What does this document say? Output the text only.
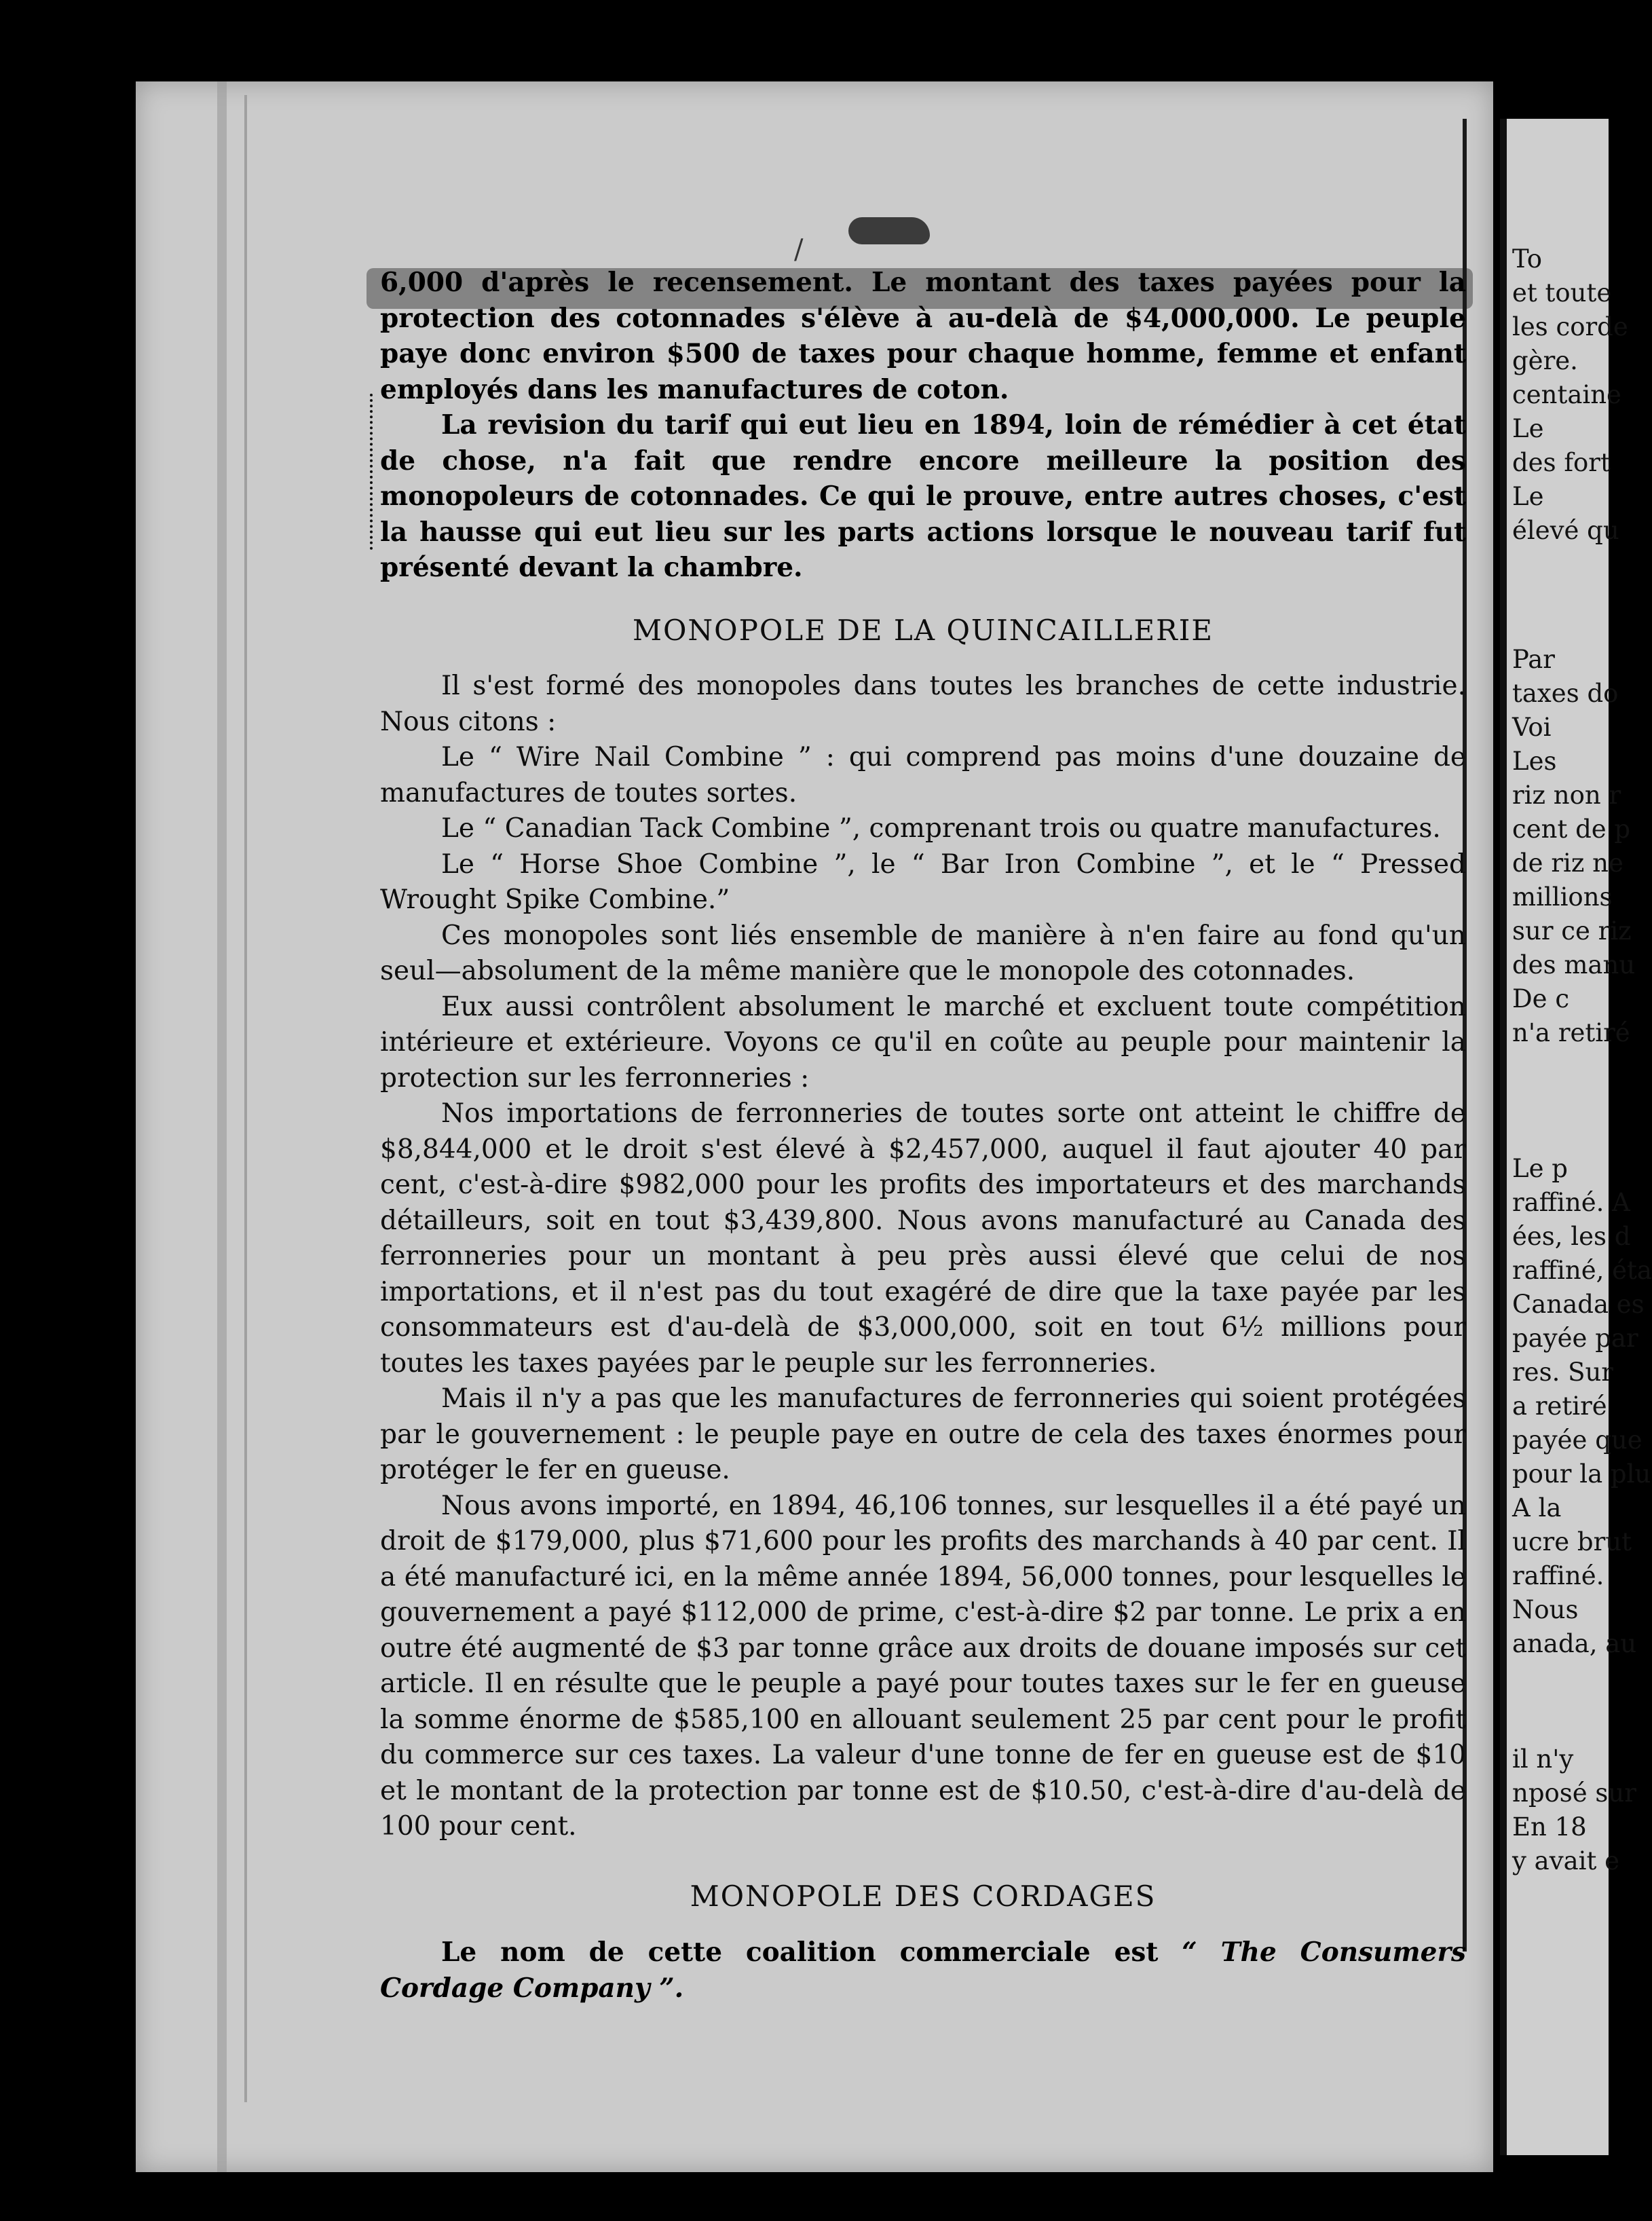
/

6,000 d'après le recensement. Le montant des taxes payées pour la protection des cotonnades s'élève à au-delà de $4,000,000. Le peuple paye donc environ $500 de taxes pour chaque homme, femme et enfant employés dans les manufactures de coton.

La revision du tarif qui eut lieu en 1894, loin de rémédier à cet état de chose, n'a fait que rendre encore meilleure la position des monopoleurs de cotonnades. Ce qui le prouve, entre autres choses, c'est la hausse qui eut lieu sur les parts actions lorsque le nouveau tarif fut présenté devant la chambre.

MONOPOLE DE LA QUINCAILLERIE

Il s'est formé des monopoles dans toutes les branches de cette industrie. Nous citons :

Le “ Wire Nail Combine ” : qui comprend pas moins d'une douzaine de manufactures de toutes sortes.

Le “ Canadian Tack Combine ”, comprenant trois ou quatre manufactures.

Le “ Horse Shoe Combine ”, le “ Bar Iron Combine ”, et le “ Pressed Wrought Spike Combine.”

Ces monopoles sont liés ensemble de manière à n'en faire au fond qu'un seul—absolument de la même manière que le monopole des cotonnades.

Eux aussi contrôlent absolument le marché et excluent toute compétition intérieure et extérieure. Voyons ce qu'il en coûte au peuple pour maintenir la protection sur les ferronneries :

Nos importations de ferronneries de toutes sorte ont atteint le chiffre de $8,844,000 et le droit s'est élevé à $2,457,000, auquel il faut ajouter 40 par cent, c'est-à-dire $982,000 pour les profits des importateurs et des marchands détailleurs, soit en tout $3,439,800. Nous avons manufacturé au Canada des ferronneries pour un montant à peu près aussi élevé que celui de nos importations, et il n'est pas du tout exagéré de dire que la taxe payée par les consommateurs est d'au-delà de $3,000,000, soit en tout 6½ millions pour toutes les taxes payées par le peuple sur les ferronneries.

Mais il n'y a pas que les manufactures de ferronneries qui soient protégées par le gouvernement : le peuple paye en outre de cela des taxes énormes pour protéger le fer en gueuse.

Nous avons importé, en 1894, 46,106 tonnes, sur lesquelles il a été payé un droit de $179,000, plus $71,600 pour les profits des marchands à 40 par cent. Il a été manufacturé ici, en la même année 1894, 56,000 tonnes, pour lesquelles le gouvernement a payé $112,000 de prime, c'est-à-dire $2 par tonne. Le prix a en outre été augmenté de $3 par tonne grâce aux droits de douane imposés sur cet article. Il en résulte que le peuple a payé pour toutes taxes sur le fer en gueuse la somme énorme de $585,100 en allouant seulement 25 par cent pour le profit du commerce sur ces taxes. La valeur d'une tonne de fer en gueuse est de $10 et le montant de la protection par tonne est de $10.50, c'est-à-dire d'au-delà de 100 pour cent.

MONOPOLE DES CORDAGES

Le nom de cette coalition commerciale est “ The Consumers Cordage Company ”.

To
et toute
les corde
gère.
centaine
Le
des fort
Le
élevé qu
Par
taxes do
Voi
Les
riz non r
cent de p
de riz ne
millions
sur ce riz
des manu
De c
n'a retiré
Le p
raffiné. A
ées, les d
raffiné, éta
Canada es
payée par
res. Sur
a retiré
payée que
pour la plu
A la
ucre brut
raffiné.
Nous
anada, au
il n'y
nposé sur
En 18
y avait e
